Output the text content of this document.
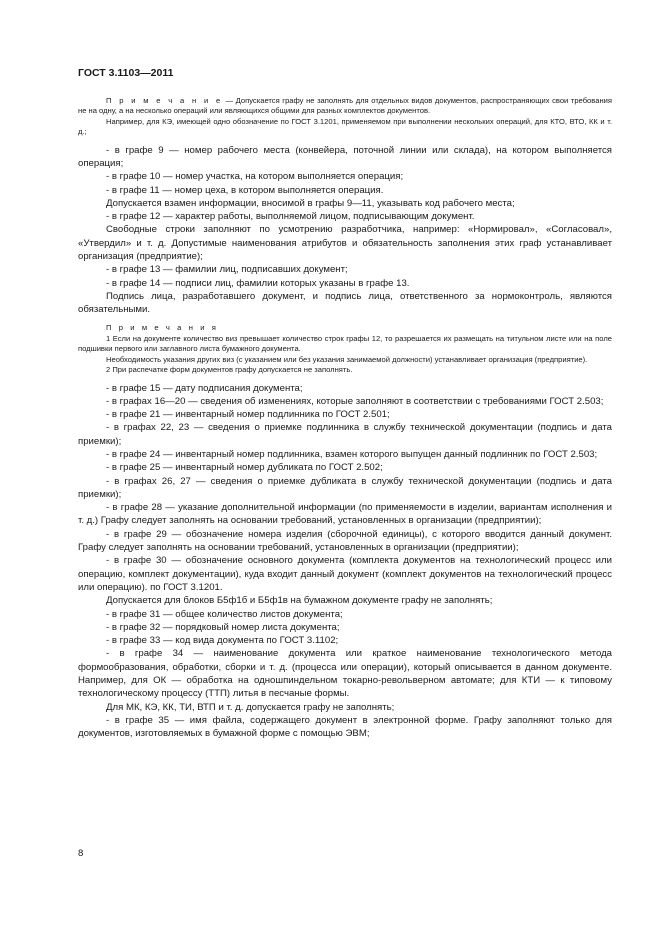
ГОСТ 3.1103—2011

П р и м е ч а н и е — Допускается графу не заполнять для отдельных видов документов, распространяющих свои требования не на одну, а на несколько операций или являющихся общими для разных комплектов документов.

Например, для КЭ, имеющей одно обозначение по ГОСТ 3.1201, применяемом при выполнении нескольких операций, для КТО, ВТО, КК и т. д.;

- в графе 9 — номер рабочего места (конвейера, поточной линии или склада), на котором выполняется операция;

- в графе 10 — номер участка, на котором выполняется операция;

- в графе 11 — номер цеха, в котором выполняется операция.

Допускается взамен информации, вносимой в графы 9—11, указывать код рабочего места;

- в графе 12 — характер работы, выполняемой лицом, подписывающим документ.

Свободные строки заполняют по усмотрению разработчика, например: «Нормировал», «Согласовал», «Утвердил» и т. д. Допустимые наименования атрибутов и обязательность заполнения этих граф устанавливает организация (предприятие);

- в графе 13 — фамилии лиц, подписавших документ;

- в графе 14 — подписи лиц, фамилии которых указаны в графе 13.

Подпись лица, разработавшего документ, и подпись лица, ответственного за нормоконтроль, являются обязательными.

П р и м е ч а н и я

1 Если на документе количество виз превышает количество строк графы 12, то разрешается их размещать на титульном листе или на поле подшивки первого или заглавного листа бумажного документа.

Необходимость указания других виз (с указанием или без указания занимаемой должности) устанавливает организация (предприятие).

2 При распечатке форм документов графу допускается не заполнять.

- в графе 15 — дату подписания документа;

- в графах 16—20 — сведения об изменениях, которые заполняют в соответствии с требованиями ГОСТ 2.503;

- в графе 21 — инвентарный номер подлинника по ГОСТ 2.501;

- в графах 22, 23 — сведения о приемке подлинника в службу технической документации (подпись и дата приемки);

- в графе 24 — инвентарный номер подлинника, взамен которого выпущен данный подлинник по ГОСТ 2.503;

- в графе 25 — инвентарный номер дубликата по ГОСТ 2.502;

- в графах 26, 27 — сведения о приемке дубликата в службу технической документации (подпись и дата приемки);

- в графе 28 — указание дополнительной информации (по применяемости в изделии, вариантам исполнения и т. д.) Графу следует заполнять на основании требований, установленных в организации (предприятии);

- в графе 29 — обозначение номера изделия (сборочной единицы), с которого вводится данный документ. Графу следует заполнять на основании требований, установленных в организации (предприятии);

- в графе 30 — обозначение основного документа (комплекта документов на технологический процесс или операцию, комплект документации), куда входит данный документ (комплект документов на технологический процесс или операцию). по ГОСТ 3.1201.

Допускается для блоков Б5ф1б и Б5ф1в на бумажном документе графу не заполнять;

- в графе 31 — общее количество листов документа;

- в графе 32 — порядковый номер листа документа;

- в графе 33 — код вида документа по ГОСТ 3.1102;

- в графе 34 — наименование документа или краткое наименование технологического метода формообразования, обработки, сборки и т. д. (процесса или операции), который описывается в данном документе. Например, для ОК — обработка на одношпиндельном токарно-револьверном автомате; для КТИ — к типовому технологическому процессу (ТТП) литья в песчаные формы.

Для МК, КЭ, КК, ТИ, ВТП и т. д. допускается графу не заполнять;

- в графе 35 — имя файла, содержащего документ в электронной форме. Графу заполняют только для документов, изготовляемых в бумажной форме с помощью ЭВМ;

8
